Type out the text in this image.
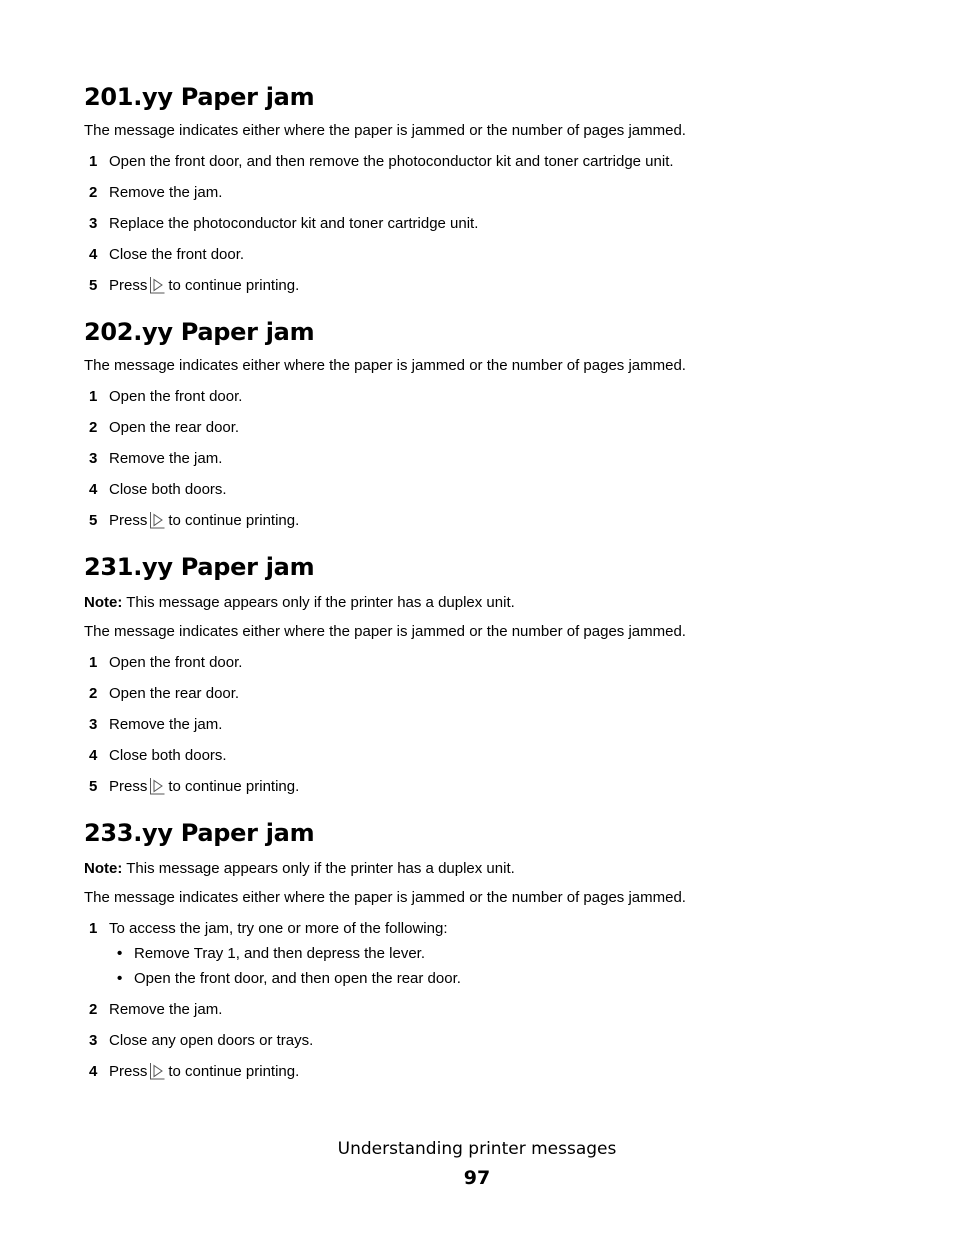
201.yy Paper jam
The message indicates either where the paper is jammed or the number of pages jammed.
1 Open the front door, and then remove the photoconductor kit and toner cartridge unit.
2 Remove the jam.
3 Replace the photoconductor kit and toner cartridge unit.
4 Close the front door.
5 Press to continue printing.
202.yy Paper jam
The message indicates either where the paper is jammed or the number of pages jammed.
1 Open the front door.
2 Open the rear door.
3 Remove the jam.
4 Close both doors.
5 Press to continue printing.
231.yy Paper jam
Note: This message appears only if the printer has a duplex unit.
The message indicates either where the paper is jammed or the number of pages jammed.
1 Open the front door.
2 Open the rear door.
3 Remove the jam.
4 Close both doors.
5 Press to continue printing.
233.yy Paper jam
Note: This message appears only if the printer has a duplex unit.
The message indicates either where the paper is jammed or the number of pages jammed.
1 To access the jam, try one or more of the following:
• Remove Tray 1, and then depress the lever.
• Open the front door, and then open the rear door.
2 Remove the jam.
3 Close any open doors or trays.
4 Press to continue printing.
Understanding printer messages
97
